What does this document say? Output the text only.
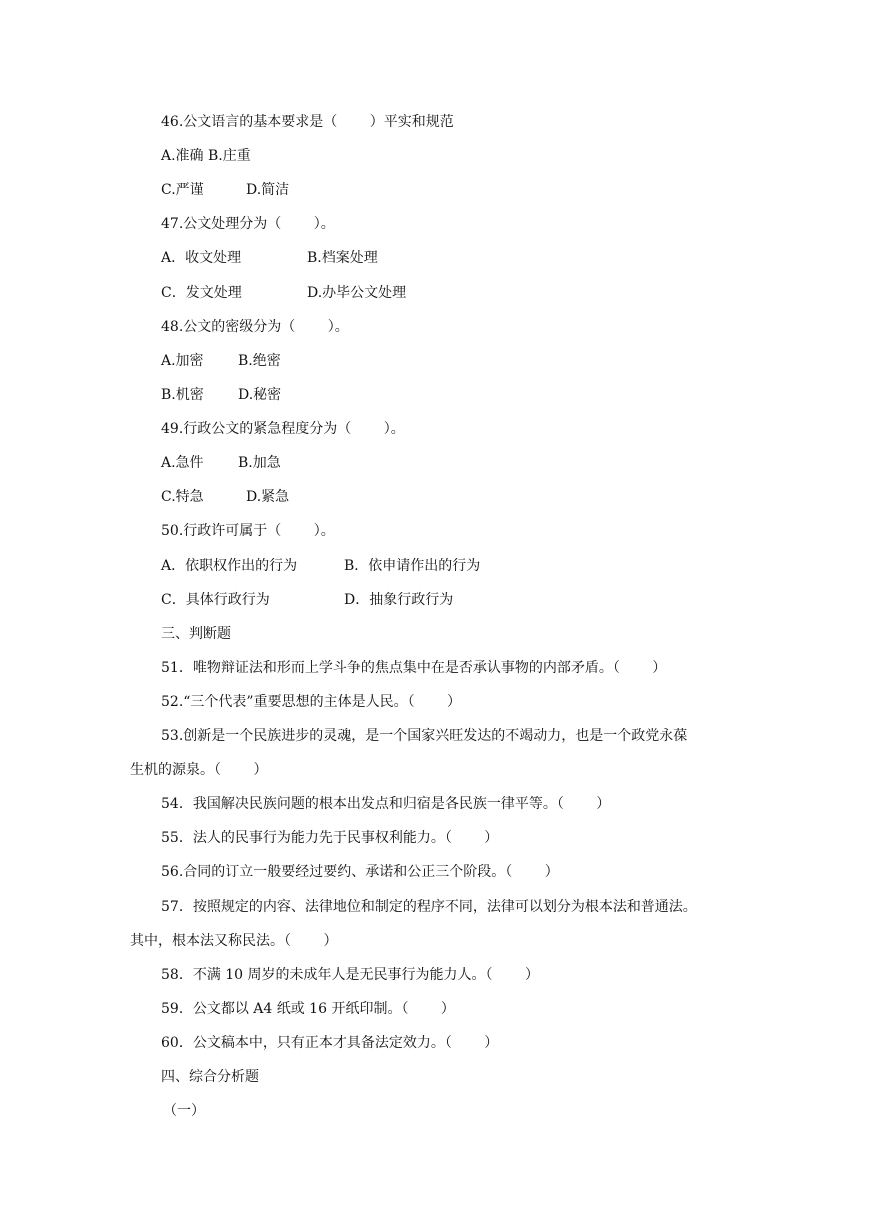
46.公文语言的基本要求是（　　 ）平实和规范
A.准确 B.庄重
C.严谨	D.简洁
47.公文处理分为（　　 ）。
A．收文处理	B.档案处理
C．发文处理	D.办毕公文处理
48.公文的密级分为（　　 ）。
A.加密 B.绝密
B.机密 D.秘密
49.行政公文的紧急程度分为（　　 ）。
A.急件 B.加急
C.特急	D.紧急
50.行政许可属于（　　 ）。
A．依职权作出的行为	B．依申请作出的行为
C．具体行政行为	D．抽象行政行为
三、判断题
51．唯物辩证法和形而上学斗争的焦点集中在是否承认事物的内部矛盾。（　　 ）
52.“三个代表”重要思想的主体是人民。（　　 ）
53.创新是一个民族进步的灵魂，是一个国家兴旺发达的不竭动力，也是一个政党永葆
生机的源泉。（　　 ）
54．我国解决民族问题的根本出发点和归宿是各民族一律平等。（　　 ）
55．法人的民事行为能力先于民事权利能力。（　　 ）
56.合同的订立一般要经过要约、承诺和公正三个阶段。（　　 ）
57．按照规定的内容、法律地位和制定的程序不同，法律可以划分为根本法和普通法。
其中，根本法又称民法。（　　 ）
58．不满 10 周岁的未成年人是无民事行为能力人。（　　 ）
59．公文都以 A4 纸或 16 开纸印制。（　　 ）
60．公文稿本中，只有正本才具备法定效力。（　　 ）
四、综合分析题
（一）
